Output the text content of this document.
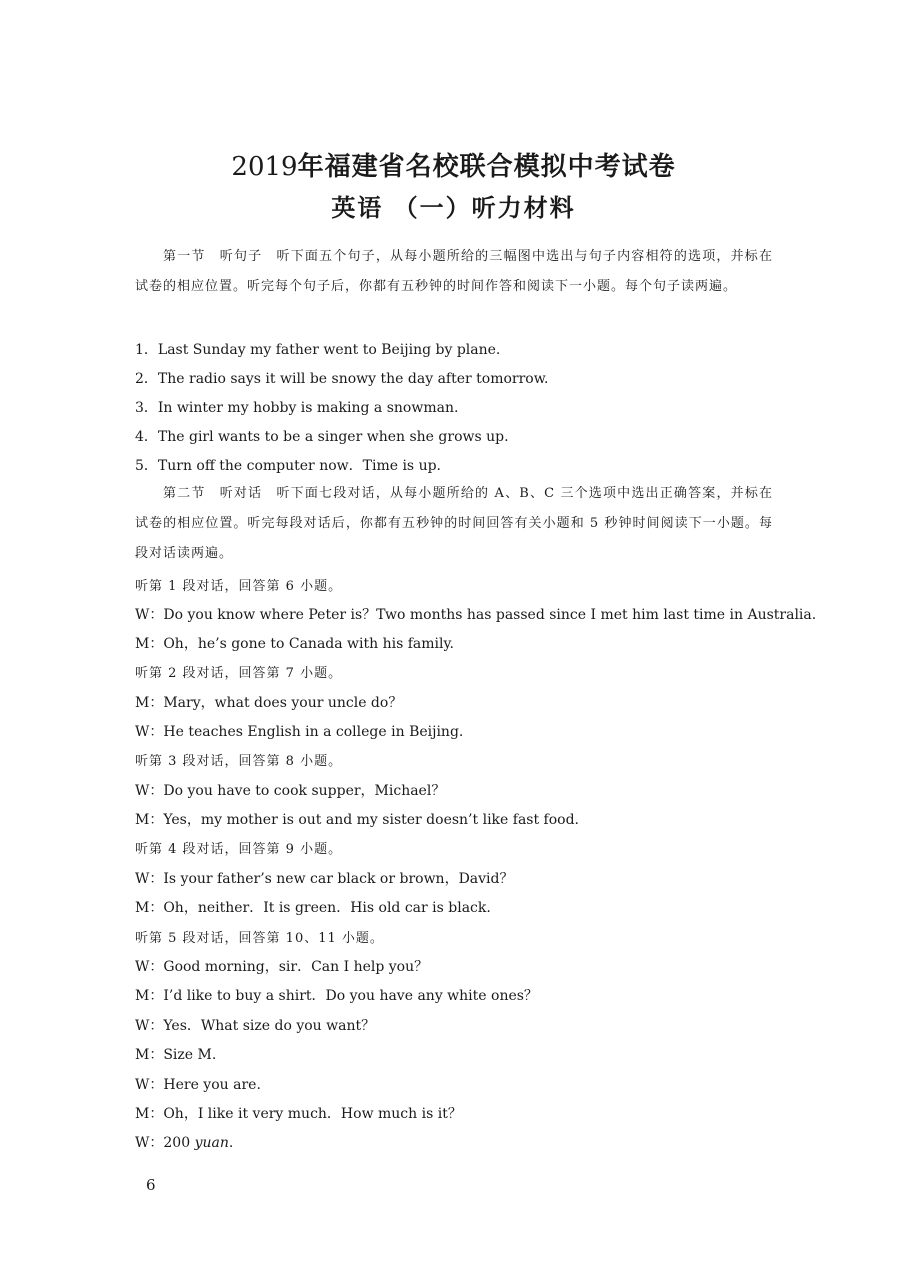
2019年福建省名校联合模拟中考试卷
英语 （一）听力材料
第一节　听句子　听下面五个句子，从每小题所给的三幅图中选出与句子内容相符的选项，并标在试卷的相应位置。听完每个句子后，你都有五秒钟的时间作答和阅读下一小题。每个句子读两遍。
1．Last Sunday my father went to Beijing by plane.
2．The radio says it will be snowy the day after tomorrow.
3．In winter my hobby is making a snowman.
4．The girl wants to be a singer when she grows up.
5．Turn off the computer now．Time is up.
第二节　听对话　听下面七段对话，从每小题所给的 A、B、C 三个选项中选出正确答案，并标在试卷的相应位置。听完每段对话后，你都有五秒钟的时间回答有关小题和 5 秒钟时间阅读下一小题。每段对话读两遍。
听第 1 段对话，回答第 6 小题。
W：Do you know where Peter is？Two months has passed since I met him last time in Australia.
M：Oh，he’s gone to Canada with his family.
听第 2 段对话，回答第 7 小题。
M：Mary，what does your uncle do？
W：He teaches English in a college in Beijing.
听第 3 段对话，回答第 8 小题。
W：Do you have to cook supper，Michael？
M：Yes，my mother is out and my sister doesn’t like fast food.
听第 4 段对话，回答第 9 小题。
W：Is your father’s new car black or brown，David？
M：Oh，neither．It is green．His old car is black.
听第 5 段对话，回答第 10、11 小题。
W：Good morning，sir．Can I help you？
M：I’d like to buy a shirt．Do you have any white ones？
W：Yes．What size do you want？
M：Size M.
W：Here you are.
M：Oh，I like it very much．How much is it？
W：200 yuan.
6
